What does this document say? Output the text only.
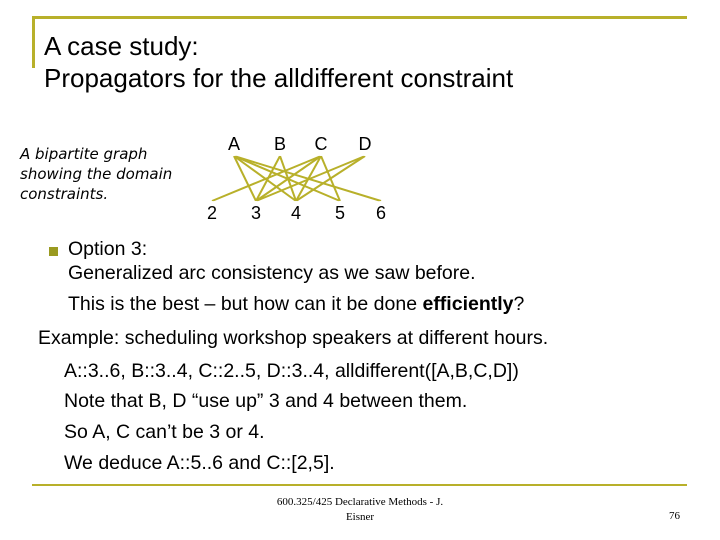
A case study:
Propagators for the alldifferent constraint
A bipartite graph
showing the domain
constraints.
A B C D
2 3 4 5 6
Option 3:
Generalized arc consistency as we saw before.
This is the best – but how can it be done efficiently?
Example: scheduling workshop speakers at different hours.
A::3..6, B::3..4, C::2..5, D::3..4, alldifferent([A,B,C,D])
Note that B, D “use up” 3 and 4 between them.
So A, C can’t be 3 or 4.
We deduce A::5..6 and C::[2,5].
600.325/425 Declarative Methods - J.
Eisner	76
